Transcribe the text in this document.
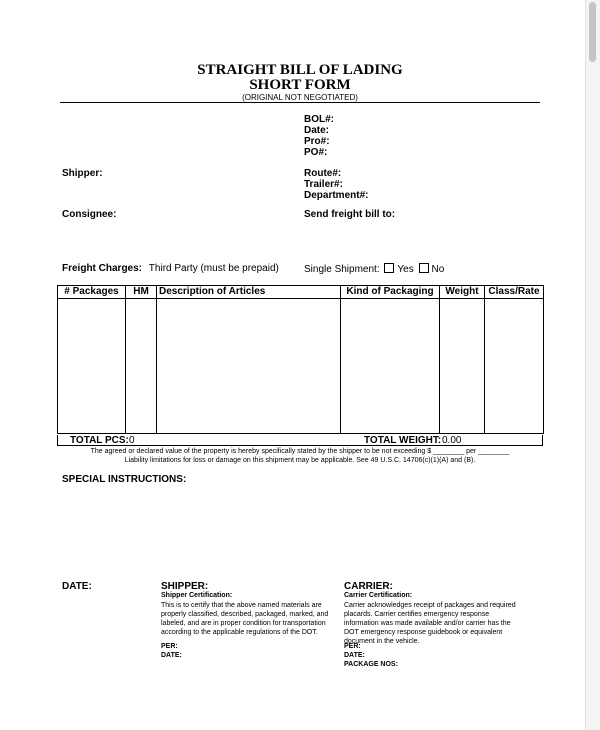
STRAIGHT BILL OF LADING
SHORT FORM
(ORIGINAL NOT NEGOTIATED)
BOL#:
Date:
Pro#:
PO#:
Shipper:	Route#:
Trailer#:
Department#:
Consignee:	Send freight bill to:
Freight Charges: Third Party (must be prepaid)	Single Shipment: Yes No
# Packages	HM	Description of Articles	Kind of Packaging	Weight	Class/Rate

TOTAL PCS: 0	TOTAL WEIGHT: 0.00
The agreed or declared value of the property is hereby specifically stated by the shipper to be not exceeding $ ________ per ________
Liability limitations for loss or damage on this shipment may be applicable. See 49 U.S.C. 14706(c)(1)(A) and (B).
SPECIAL INSTRUCTIONS:
DATE:	SHIPPER:
Shipper Certification:
This is to certify that the above named materials are properly classified, described, packaged, marked, and labeled, and are in proper condition for transportation according to the applicable regulations of the DOT.
PER:
DATE:
CARRIER:
Carrier Certification:
Carrier acknowledges receipt of packages and required placards. Carrier certifies emergency response information was made available and/or carrier has the DOT emergency response guidebook or equivalent document in the vehicle.
PER:
DATE:
PACKAGE NOS:
